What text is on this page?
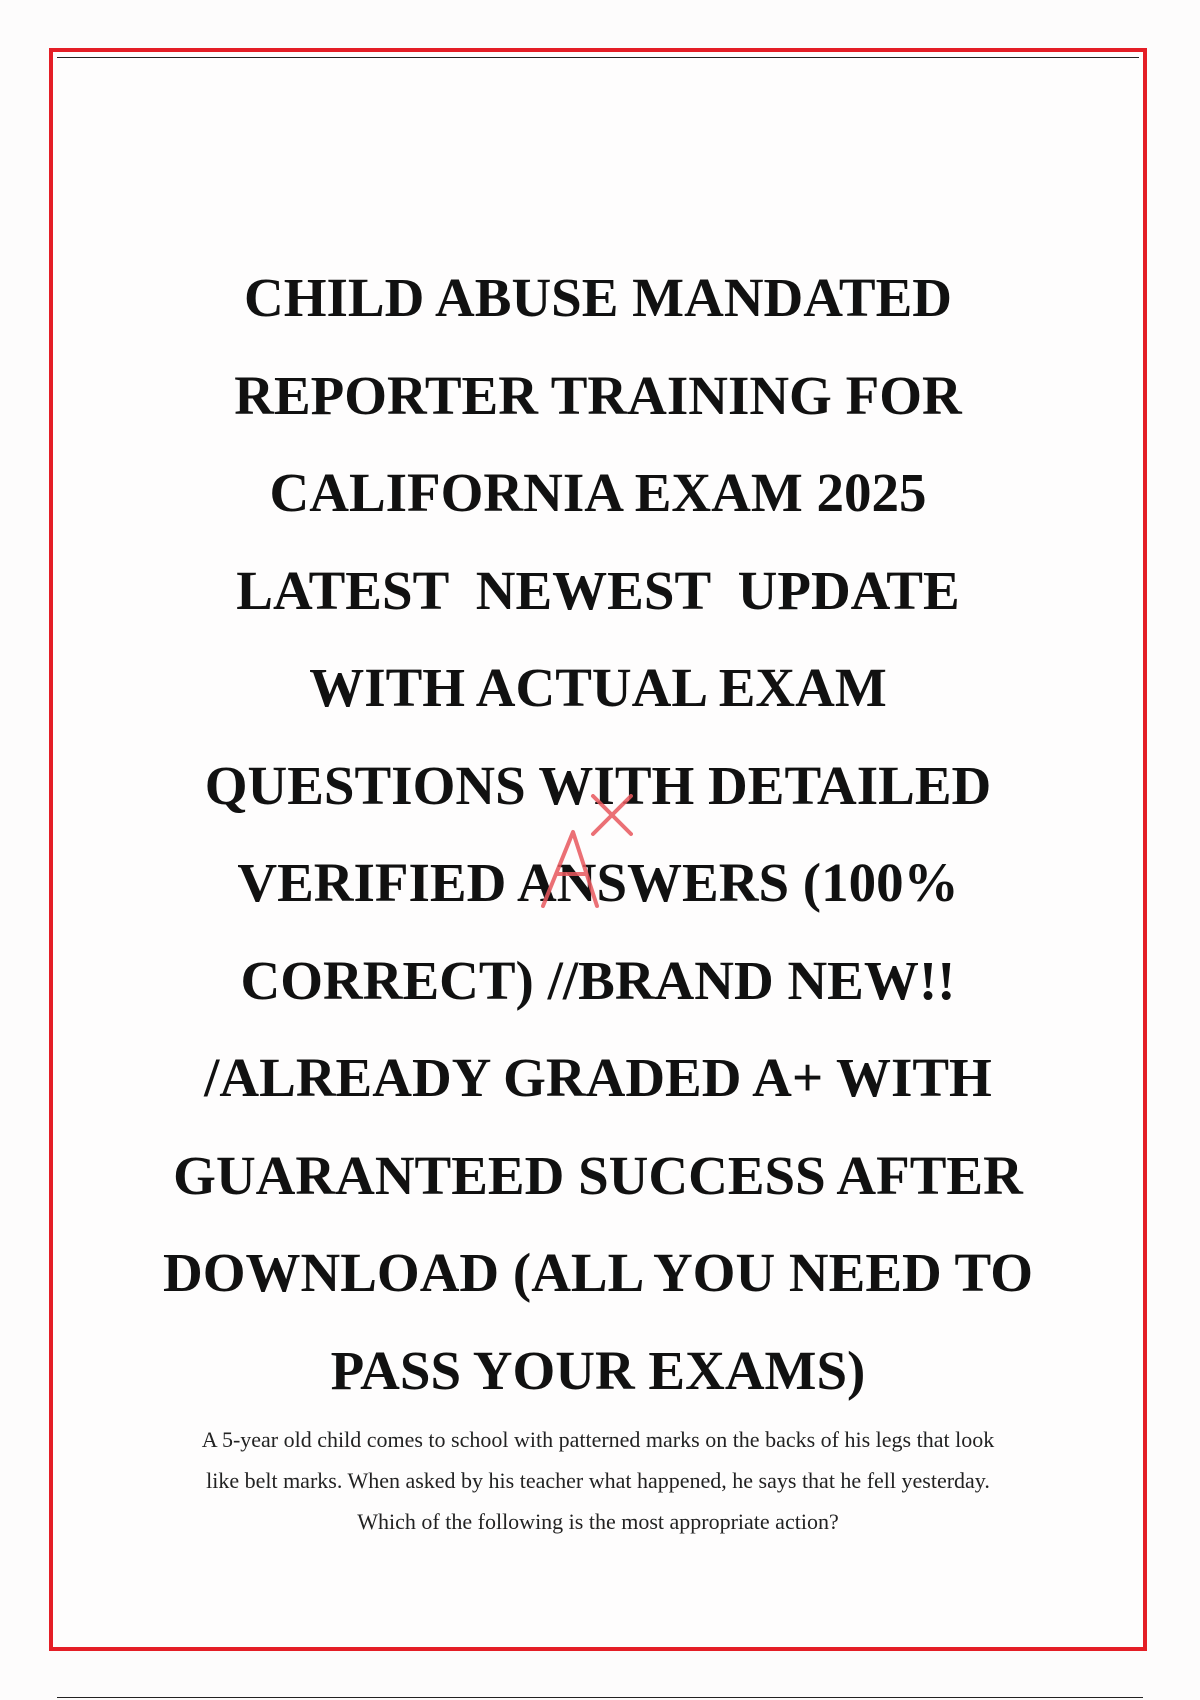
CHILD ABUSE MANDATED
REPORTER TRAINING FOR
CALIFORNIA EXAM 2025
LATEST  NEWEST  UPDATE
WITH ACTUAL EXAM
QUESTIONS WITH DETAILED
VERIFIED ANSWERS (100%
CORRECT) //BRAND NEW!!
/ALREADY GRADED A+ WITH
GUARANTEED SUCCESS AFTER
DOWNLOAD (ALL YOU NEED TO
PASS YOUR EXAMS)

A 5-year old child comes to school with patterned marks on the backs of his legs that look
like belt marks. When asked by his teacher what happened, he says that he fell yesterday.
Which of the following is the most appropriate action?
